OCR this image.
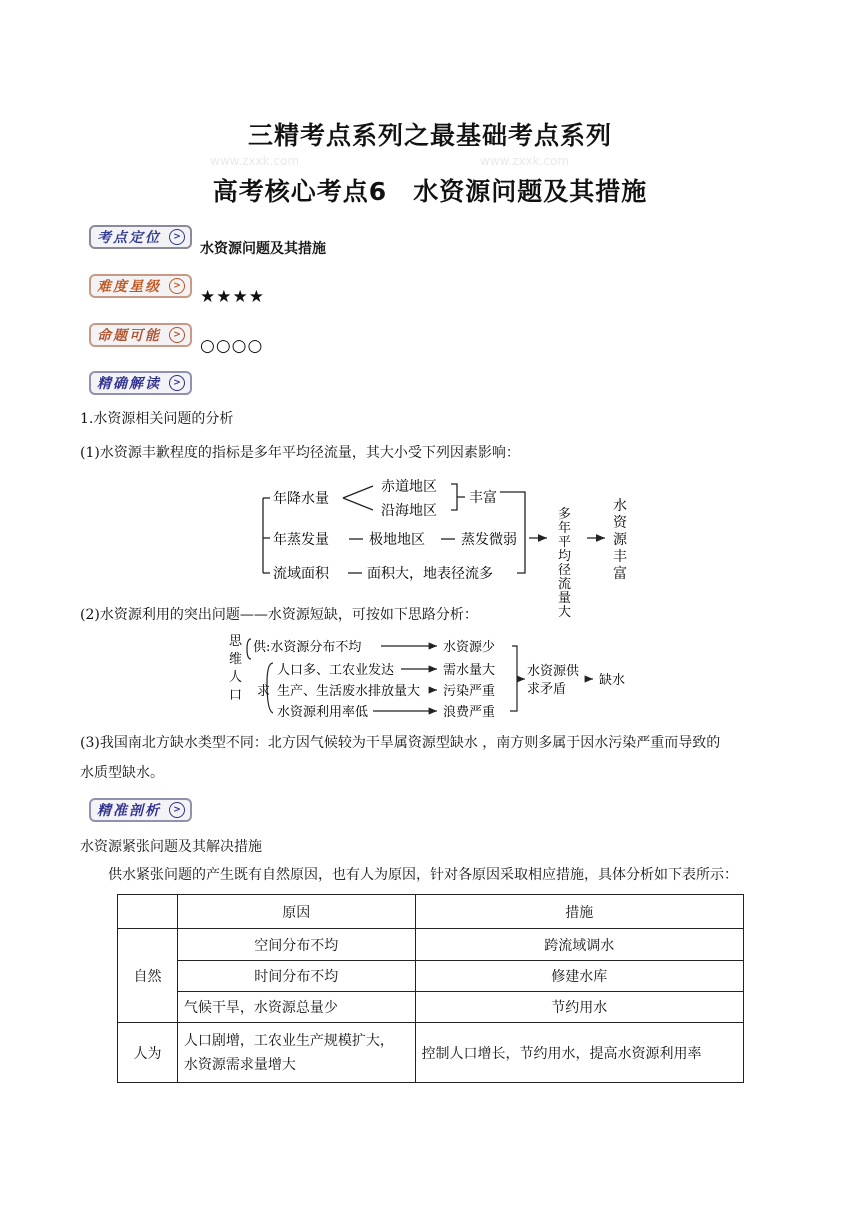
www.zxxk.com	www.zxxk.com
三精考点系列之最基础考点系列
高考核心考点6　水资源问题及其措施
考点定位	>
水资源问题及其措施
难度星级	>
★★★★
命题可能	>
○○○○
精确解读	>
1.水资源相关问题的分析
(1)水资源丰歉程度的指标是多年平均径流量，其大小受下列因素影响：
年降水量
赤道地区
沿海地区
丰富
年蒸发量	极地地区	蒸发微弱
流域面积	面积大，地表径流多
多
年
平
均
径
流
量
大
水
资
源
丰
富
(2)水资源利用的突出问题——水资源短缺，可按如下思路分析：
思
维
人
口
供:水资源分布不均	水资源少
人口多、工农业发达	需水量大
求 生产、生活废水排放量大 污染严重
水资源利用率低	浪费严重
水资源供
求矛盾
缺水
(3)我国南北方缺水类型不同：北方因气候较为干旱属资源型缺水 ，南方则多属于因水污染严重而导致的
水质型缺水。
精准剖析	>
水资源紧张问题及其解决措施
供水紧张问题的产生既有自然原因，也有人为原因，针对各原因采取相应措施，具体分析如下表所示：
	原因	措施
自然	空间分布不均	跨流域调水
	时间分布不均	修建水库
	气候干旱，水资源总量少	节约用水
人为	人口剧增，工农业生产规模扩大，
水资源需求量增大	控制人口增长，节约用水，提高水资源利用率
